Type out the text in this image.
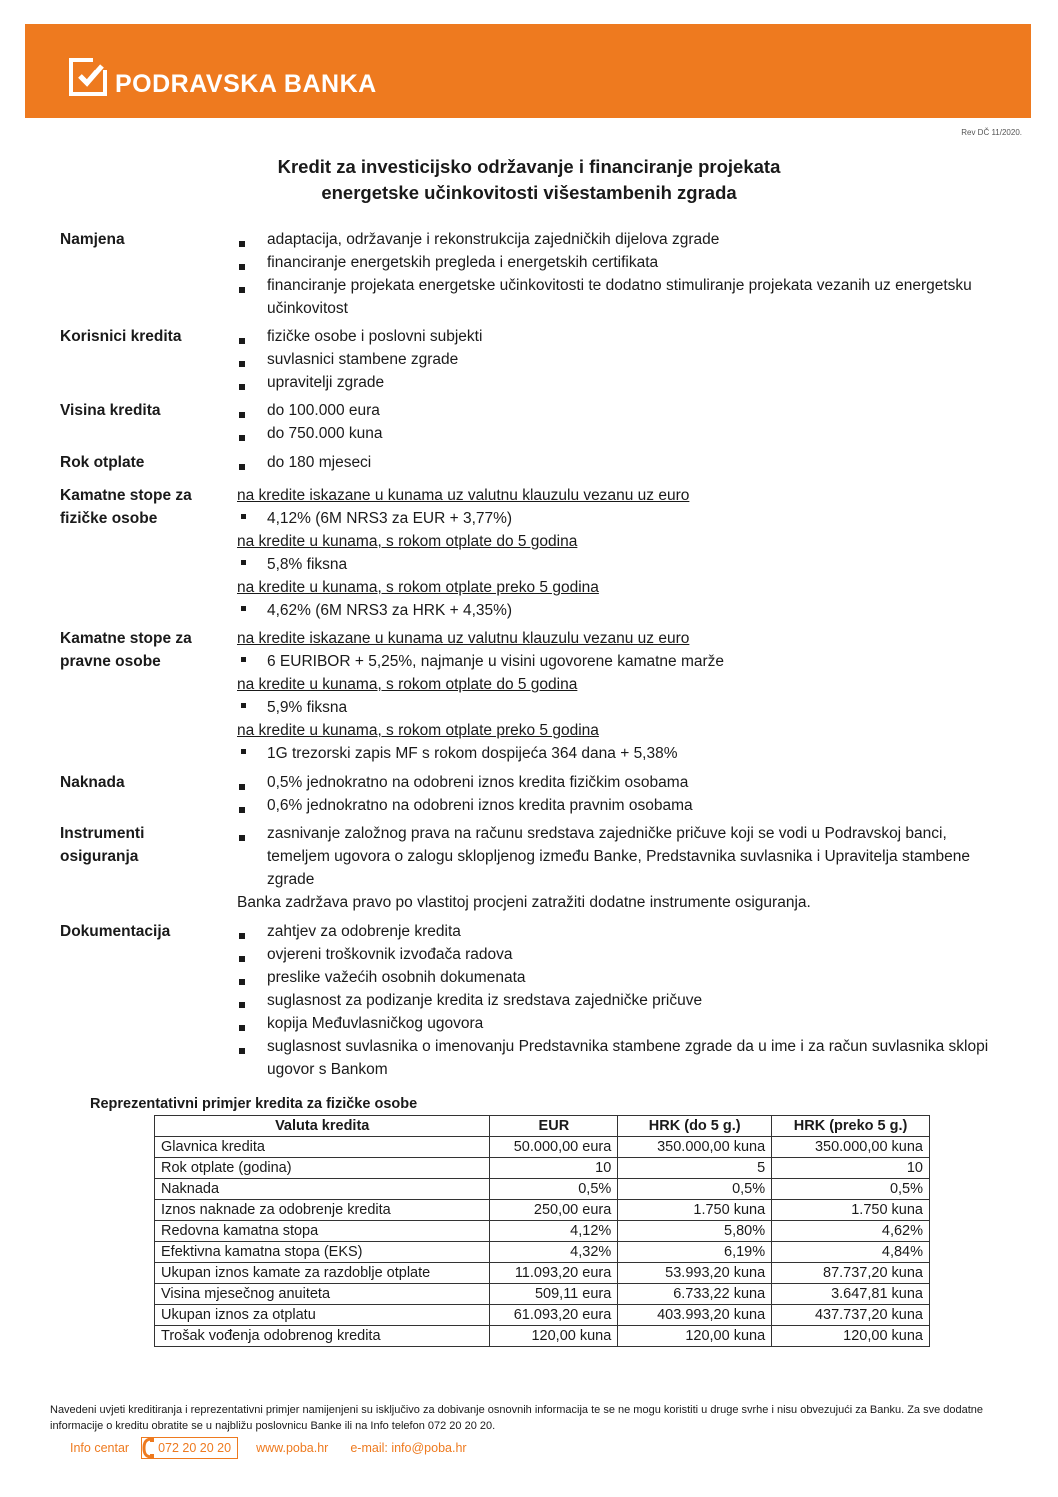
PODRAVSKA BANKA
Rev DČ 11/2020.
Kredit za investicijsko održavanje i financiranje projekata
energetske učinkovitosti višestambenih zgrada
Namjena	adaptacija, održavanje i rekonstrukcija zajedničkih dijelova zgrade
financiranje energetskih pregleda i energetskih certifikata
financiranje projekata energetske učinkovitosti te dodatno stimuliranje projekata vezanih uz energetsku učinkovitost
Korisnici kredita	fizičke osobe i poslovni subjekti
suvlasnici stambene zgrade
upravitelji zgrade
Visina kredita	do 100.000 eura
do 750.000 kuna
Rok otplate	do 180 mjeseci
Kamatne stope za
fizičke osobe
na kredite iskazane u kunama uz valutnu klauzulu vezanu uz euro
4,12% (6M NRS3 za EUR + 3,77%)
na kredite u kunama, s rokom otplate do 5 godina
5,8% fiksna
na kredite u kunama, s rokom otplate preko 5 godina
4,62% (6M NRS3 za HRK + 4,35%)
Kamatne stope za
pravne osobe
na kredite iskazane u kunama uz valutnu klauzulu vezanu uz euro
6 EURIBOR + 5,25%, najmanje u visini ugovorene kamatne marže
na kredite u kunama, s rokom otplate do 5 godina
5,9% fiksna
na kredite u kunama, s rokom otplate preko 5 godina
1G trezorski zapis MF s rokom dospijeća 364 dana + 5,38%
Naknada	0,5% jednokratno na odobreni iznos kredita fizičkim osobama
0,6% jednokratno na odobreni iznos kredita pravnim osobama
Instrumenti
osiguranja
zasnivanje založnog prava na računu sredstava zajedničke pričuve koji se vodi u Podravskoj banci, temeljem ugovora o zalogu sklopljenog između Banke, Predstavnika suvlasnika i Upravitelja stambene zgrade
Banka zadržava pravo po vlastitoj procjeni zatražiti dodatne instrumente osiguranja.
Dokumentacija	zahtjev za odobrenje kredita
ovjereni troškovnik izvođača radova
preslike važećih osobnih dokumenata
suglasnost za podizanje kredita iz sredstava zajedničke pričuve
kopija Međuvlasničkog ugovora
suglasnost suvlasnika o imenovanju Predstavnika stambene zgrade da u ime i za račun suvlasnika sklopi ugovor s Bankom
Reprezentativni primjer kredita za fizičke osobe
Valuta kredita	EUR	HRK (do 5 g.)	HRK (preko 5 g.)
Glavnica kredita	50.000,00 eura	350.000,00 kuna	350.000,00 kuna
Rok otplate (godina)	10	5	10
Naknada	0,5%	0,5%	0,5%
Iznos naknade za odobrenje kredita	250,00 eura	1.750 kuna	1.750 kuna
Redovna kamatna stopa	4,12%	5,80%	4,62%
Efektivna kamatna stopa (EKS)	4,32%	6,19%	4,84%
Ukupan iznos kamate za razdoblje otplate	11.093,20 eura	53.993,20 kuna	87.737,20 kuna
Visina mjesečnog anuiteta	509,11 eura	6.733,22 kuna	3.647,81 kuna
Ukupan iznos za otplatu	61.093,20 eura	403.993,20 kuna	437.737,20 kuna
Trošak vođenja odobrenog kredita	120,00 kuna	120,00 kuna	120,00 kuna
Navedeni uvjeti kreditiranja i reprezentativni primjer namijenjeni su isključivo za dobivanje osnovnih informacija te se ne mogu koristiti u druge svrhe i nisu obvezujući za Banku. Za sve dodatne informacije o kreditu obratite se u najbližu poslovnicu Banke ili na Info telefon 072 20 20 20.
Info centar 072 20 20 20 www.poba.hr e-mail: info@poba.hr
